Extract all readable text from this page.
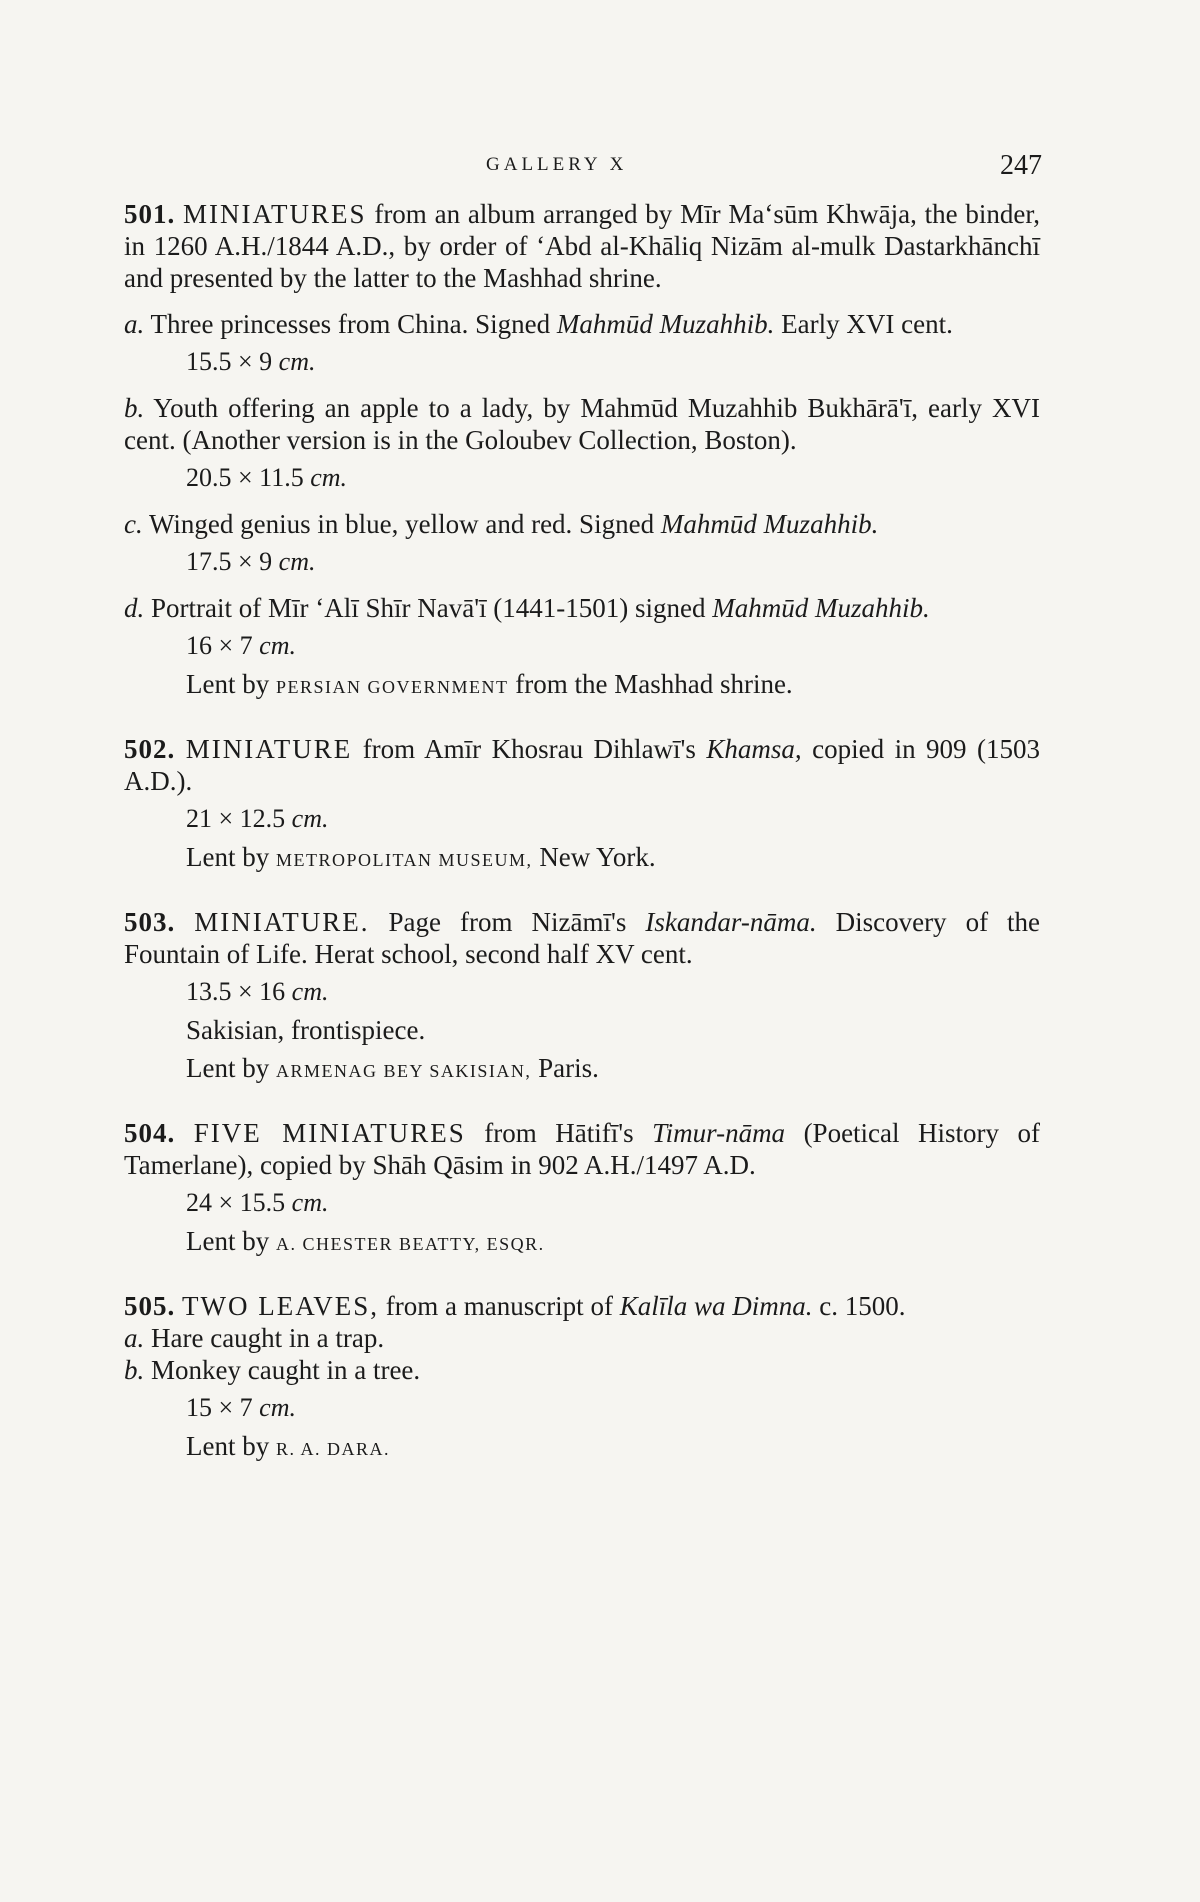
GALLERY X	247

501. MINIATURES from an album arranged by Mīr Ma‘sūm Khwāja, the binder, in 1260 A.H./1844 A.D., by order of ‘Abd al-Khāliq Nizām al-mulk Dastarkhānchī and presented by the latter to the Mashhad shrine.

a. Three princesses from China. Signed Mahmūd Muzahhib. Early XVI cent.

15.5 × 9 cm.

b. Youth offering an apple to a lady, by Mahmūd Muzahhib Bukhārā'ī, early XVI cent. (Another version is in the Goloubev Collection, Boston).

20.5 × 11.5 cm.

c. Winged genius in blue, yellow and red. Signed Mahmūd Muzahhib.

17.5 × 9 cm.

d. Portrait of Mīr ‘Alī Shīr Navā'ī (1441-1501) signed Mahmūd Muzahhib.

16 × 7 cm.

Lent by PERSIAN GOVERNMENT from the Mashhad shrine.

502. MINIATURE from Amīr Khosrau Dihlawī's Khamsa, copied in 909 (1503 A.D.).

21 × 12.5 cm.

Lent by METROPOLITAN MUSEUM, New York.

503. MINIATURE. Page from Nizāmī's Iskandar-nāma. Discovery of the Fountain of Life. Herat school, second half XV cent.

13.5 × 16 cm.

Sakisian, frontispiece.

Lent by ARMENAG BEY SAKISIAN, Paris.

504. FIVE MINIATURES from Hātifī's Timur-nāma (Poetical History of Tamerlane), copied by Shāh Qāsim in 902 A.H./1497 A.D.

24 × 15.5 cm.

Lent by A. CHESTER BEATTY, ESQR.

505. TWO LEAVES, from a manuscript of Kalīla wa Dimna. c. 1500.

a. Hare caught in a trap.

b. Monkey caught in a tree.

15 × 7 cm.

Lent by R. A. DARA.
